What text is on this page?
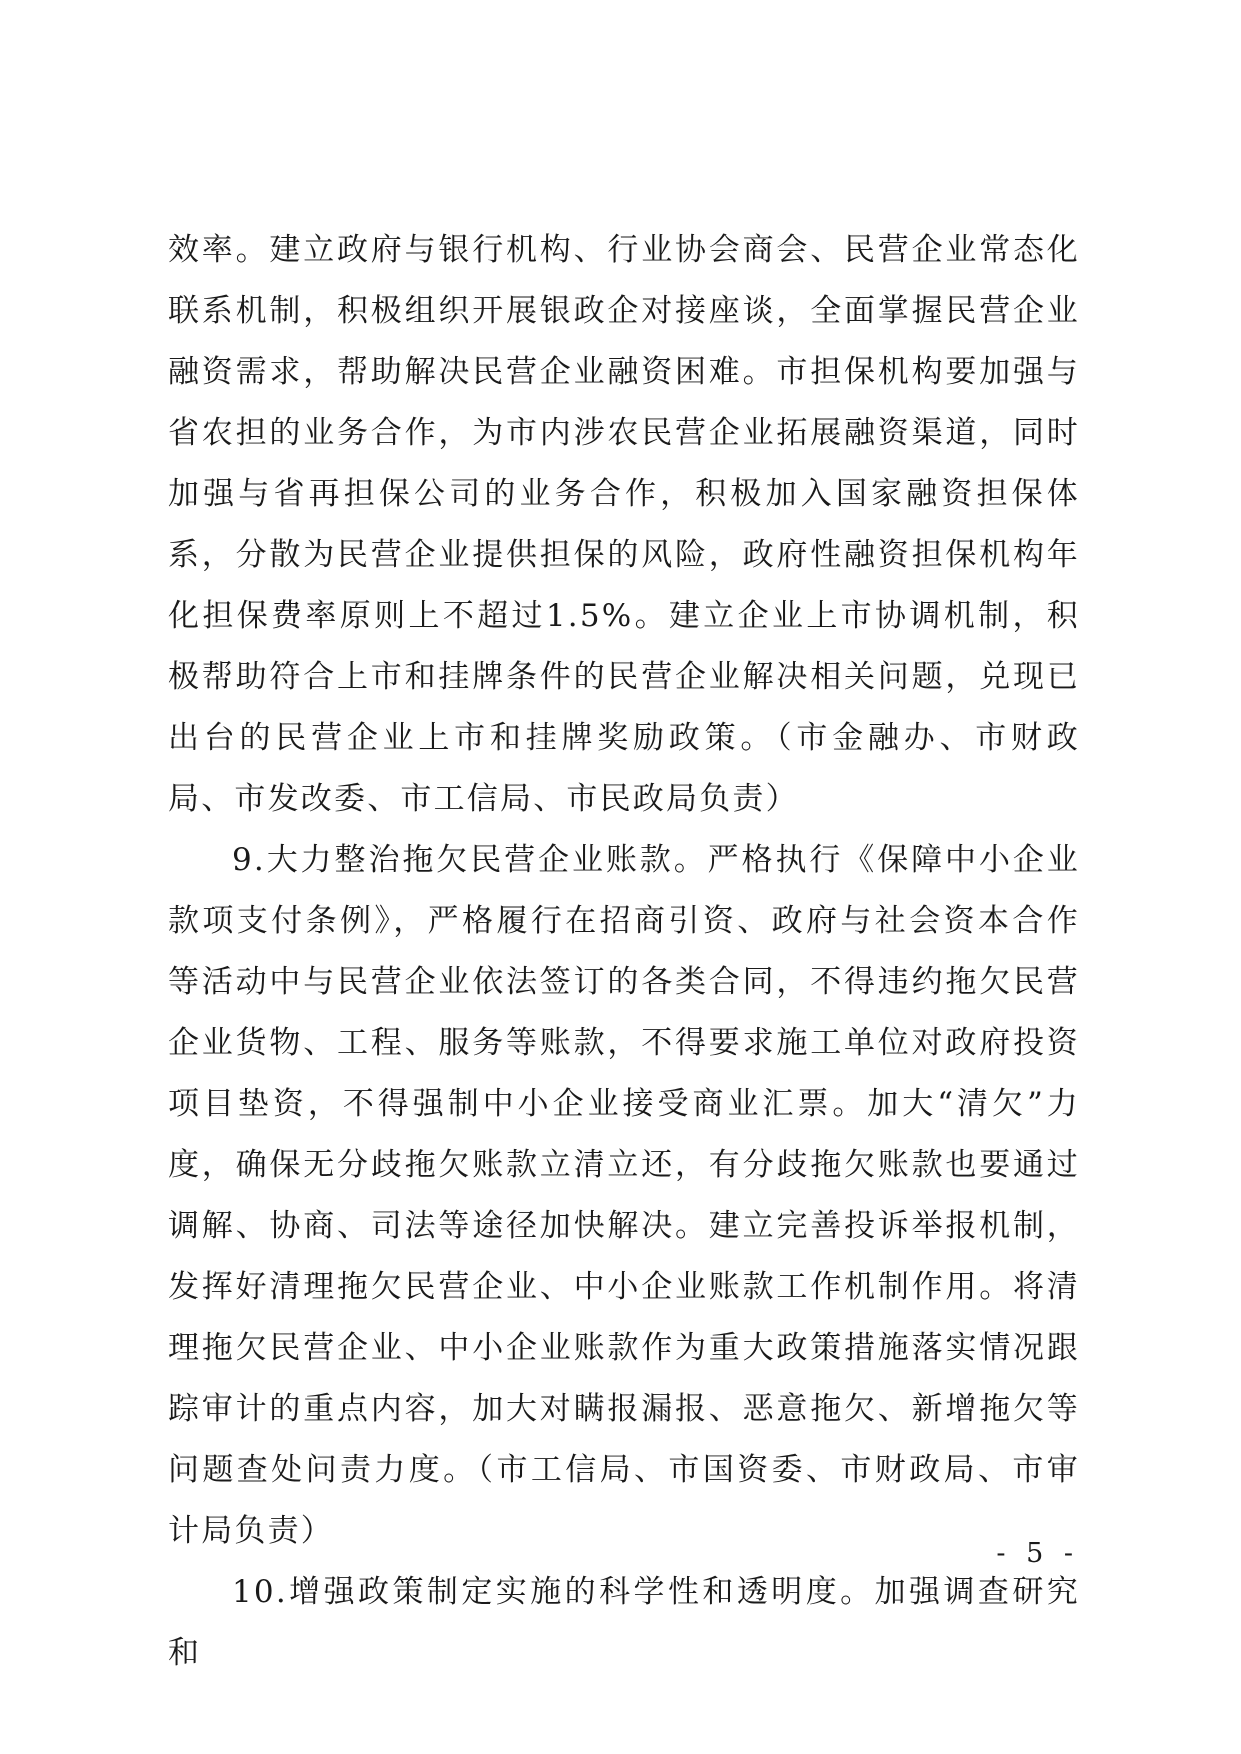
效率。建立政府与银行机构、行业协会商会、民营企业常态化联系机制，积极组织开展银政企对接座谈，全面掌握民营企业融资需求，帮助解决民营企业融资困难。市担保机构要加强与省农担的业务合作，为市内涉农民营企业拓展融资渠道，同时加强与省再担保公司的业务合作，积极加入国家融资担保体系，分散为民营企业提供担保的风险，政府性融资担保机构年化担保费率原则上不超过1.5%。建立企业上市协调机制，积极帮助符合上市和挂牌条件的民营企业解决相关问题，兑现已出台的民营企业上市和挂牌奖励政策。（市金融办、市财政局、市发改委、市工信局、市民政局负责）

9.大力整治拖欠民营企业账款。严格执行《保障中小企业款项支付条例》，严格履行在招商引资、政府与社会资本合作等活动中与民营企业依法签订的各类合同，不得违约拖欠民营企业货物、工程、服务等账款，不得要求施工单位对政府投资项目垫资，不得强制中小企业接受商业汇票。加大“清欠”力度，确保无分歧拖欠账款立清立还，有分歧拖欠账款也要通过调解、协商、司法等途径加快解决。建立完善投诉举报机制，发挥好清理拖欠民营企业、中小企业账款工作机制作用。将清理拖欠民营企业、中小企业账款作为重大政策措施落实情况跟踪审计的重点内容，加大对瞒报漏报、恶意拖欠、新增拖欠等问题查处问责力度。（市工信局、市国资委、市财政局、市审计局负责）

10.增强政策制定实施的科学性和透明度。加强调查研究和

- 5 -
